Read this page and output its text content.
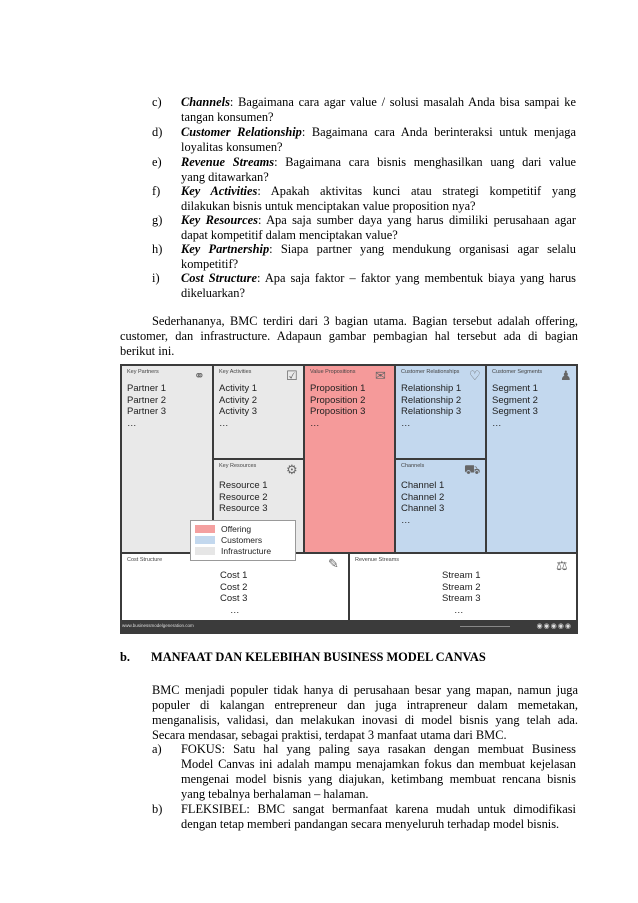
c) Channels: Bagaimana cara agar value / solusi masalah Anda bisa sampai ke
tangan konsumen?
d) Customer Relationship: Bagaimana cara Anda berinteraksi untuk menjaga
loyalitas konsumen?
e) Revenue Streams: Bagaimana cara bisnis menghasilkan uang dari value
yang ditawarkan?
f) Key Activities: Apakah aktivitas kunci atau strategi kompetitif yang
dilakukan bisnis untuk menciptakan value proposition nya?
g) Key Resources: Apa saja sumber daya yang harus dimiliki perusahaan agar
dapat kompetitif dalam menciptakan value?
h) Key Partnership: Siapa partner yang mendukung organisasi agar selalu
kompetitif?
i) Cost Structure: Apa saja faktor – faktor yang membentuk biaya yang harus
dikeluarkan?
Sederhananya, BMC terdiri dari 3 bagian utama. Bagian tersebut adalah offering,
customer, dan infrastructure. Adapaun gambar pembagian hal tersebut ada di bagian
berikut ini.
Key Partners	⚭
Partner 1
Partner 2
Partner 3
…
Key Activities	☑
Activity 1
Activity 2
Activity 3
…
Key Resources ⚙
Resource 1
Resource 2
Resource 3
Value Propositions ✉
Proposition 1
Proposition 2
Proposition 3
…
Customer Relationships ♡
Relationship 1
Relationship 2
Relationship 3
…
Channels	⛟
Channel 1
Channel 2
Channel 3
…
Customer Segments ♟
Segment 1
Segment 2
Segment 3
…
Cost Structure	✎
Cost 1
Cost 2
Cost 3
…
Revenue Streams	⚖
Stream 1
Stream 2
Stream 3
…
Offering
Customers
Infrastructure
www.businessmodelgeneration.com	◉◉◉◉◉
b. MANFAAT DAN KELEBIHAN BUSINESS MODEL CANVAS
BMC menjadi populer tidak hanya di perusahaan besar yang mapan, namun juga
populer di kalangan entrepreneur dan juga intrapreneur dalam memetakan,
menganalisis, validasi, dan melakukan inovasi di model bisnis yang telah ada.
Secara mendasar, sebagai praktisi, terdapat 3 manfaat utama dari BMC.
a) FOKUS: Satu hal yang paling saya rasakan dengan membuat Business
Model Canvas ini adalah mampu menajamkan fokus dan membuat kejelasan
mengenai model bisnis yang diajukan, ketimbang membuat rencana bisnis
yang tebalnya berhalaman – halaman.
b) FLEKSIBEL: BMC sangat bermanfaat karena mudah untuk dimodifikasi
dengan tetap memberi pandangan secara menyeluruh terhadap model bisnis.
